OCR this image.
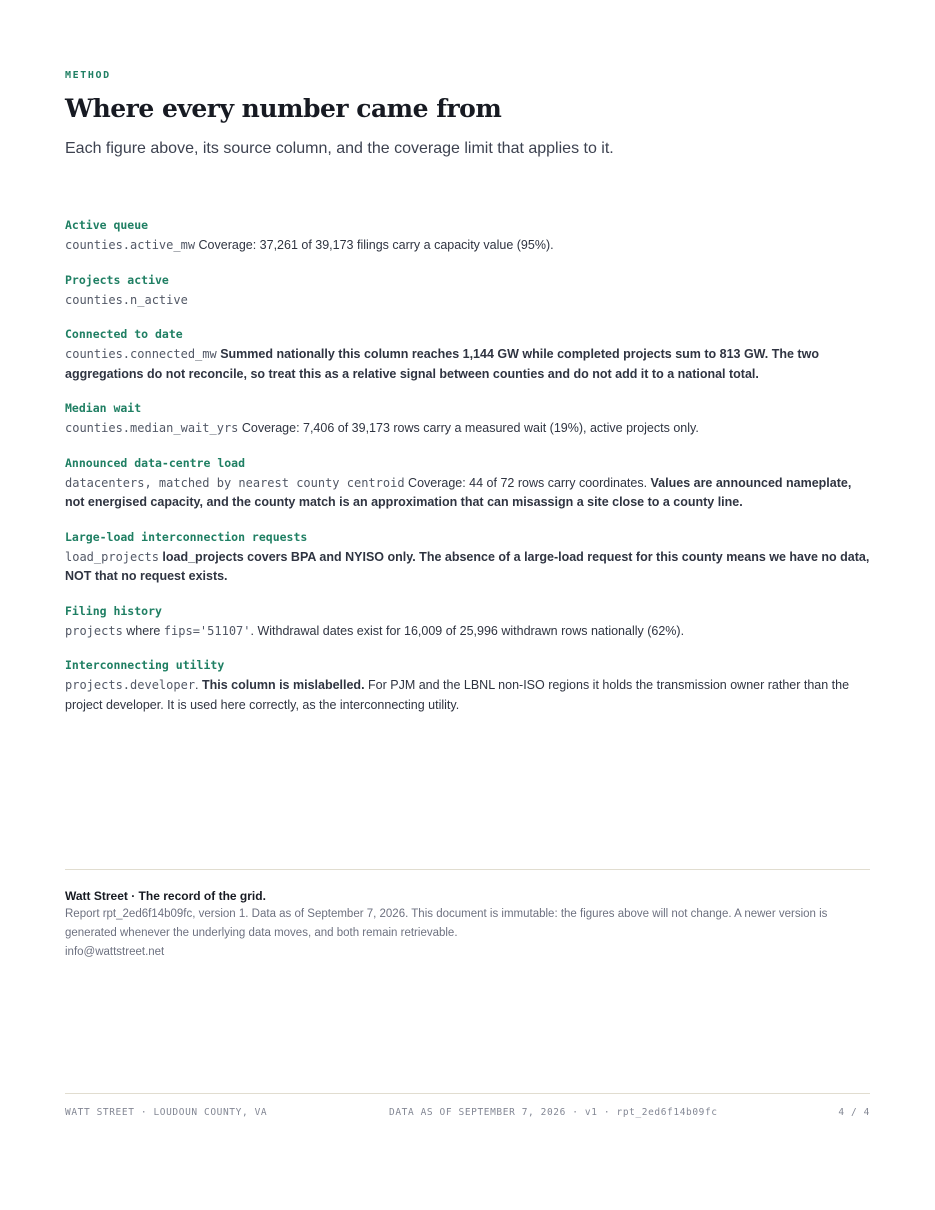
METHOD
Where every number came from

Each figure above, its source column, and the coverage limit that applies to it.

Active queue

counties.active_mw Coverage: 37,261 of 39,173 filings carry a capacity value (95%).

Projects active

counties.n_active

Connected to date

counties.connected_mw Summed nationally this column reaches 1,144 GW while completed projects sum to 813 GW. The two aggregations do not reconcile, so treat this as a relative signal between counties and do not add it to a national total.

Median wait

counties.median_wait_yrs Coverage: 7,406 of 39,173 rows carry a measured wait (19%), active projects only.

Announced data-centre load

datacenters, matched by nearest county centroid Coverage: 44 of 72 rows carry coordinates. Values are announced nameplate, not energised capacity, and the county match is an approximation that can misassign a site close to a county line.

Large-load interconnection requests

load_projects load_projects covers BPA and NYISO only. The absence of a large-load request for this county means we have no data, NOT that no request exists.

Filing history

projects where fips='51107'. Withdrawal dates exist for 16,009 of 25,996 withdrawn rows nationally (62%).

Interconnecting utility

projects.developer. This column is mislabelled. For PJM and the LBNL non-ISO regions it holds the transmission owner rather than the project developer. It is used here correctly, as the interconnecting utility.

Watt Street · The record of the grid.

Report rpt_2ed6f14b09fc, version 1. Data as of September 7, 2026. This document is immutable: the figures above will not change. A newer version is generated whenever the underlying data moves, and both remain retrievable.

info@wattstreet.net

WATT STREET · LOUDOUN COUNTY, VA	DATA AS OF SEPTEMBER 7, 2026 · v1 · rpt_2ed6f14b09fc	4 / 4
